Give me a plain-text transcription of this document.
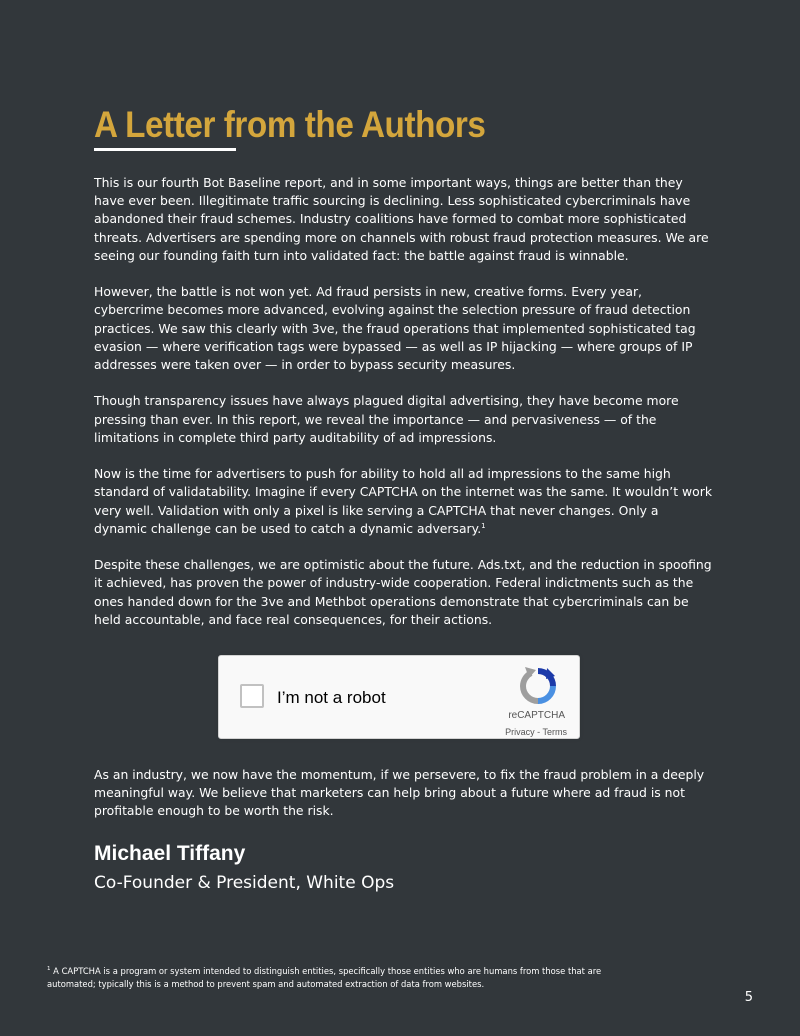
A Letter from the Authors

This is our fourth Bot Baseline report, and in some important ways, things are better than they have ever been. Illegitimate traffic sourcing is declining. Less sophisticated cybercriminals have abandoned their fraud schemes. Industry coalitions have formed to combat more sophisticated threats. Advertisers are spending more on channels with robust fraud protection measures. We are seeing our founding faith turn into validated fact: the battle against fraud is winnable.

However, the battle is not won yet. Ad fraud persists in new, creative forms. Every year, cybercrime becomes more advanced, evolving against the selection pressure of fraud detection practices. We saw this clearly with 3ve, the fraud operations that implemented sophisticated tag evasion — where verification tags were bypassed — as well as IP hijacking — where groups of IP addresses were taken over — in order to bypass security measures.

Though transparency issues have always plagued digital advertising, they have become more pressing than ever. In this report, we reveal the importance — and pervasiveness — of the limitations in complete third party auditability of ad impressions.

Now is the time for advertisers to push for ability to hold all ad impressions to the same high standard of validatability. Imagine if every CAPTCHA on the internet was the same. It wouldn’t work very well. Validation with only a pixel is like serving a CAPTCHA that never changes. Only a dynamic challenge can be used to catch a dynamic adversary.$^1$

Despite these challenges, we are optimistic about the future. Ads.txt, and the reduction in spoofing it achieved, has proven the power of industry-wide cooperation. Federal indictments such as the ones handed down for the 3ve and Methbot operations demonstrate that cybercriminals can be held accountable, and face real consequences, for their actions.

I’m not a robot
reCAPTCHA
Privacy - Terms

As an industry, we now have the momentum, if we persevere, to fix the fraud problem in a deeply meaningful way. We believe that marketers can help bring about a future where ad fraud is not profitable enough to be worth the risk.

Michael Tiffany

Co-Founder & President, White Ops

$^1$ A CAPTCHA is a program or system intended to distinguish entities, specifically those entities who are humans from those that are automated; typically this is a method to prevent spam and automated extraction of data from websites.

5
